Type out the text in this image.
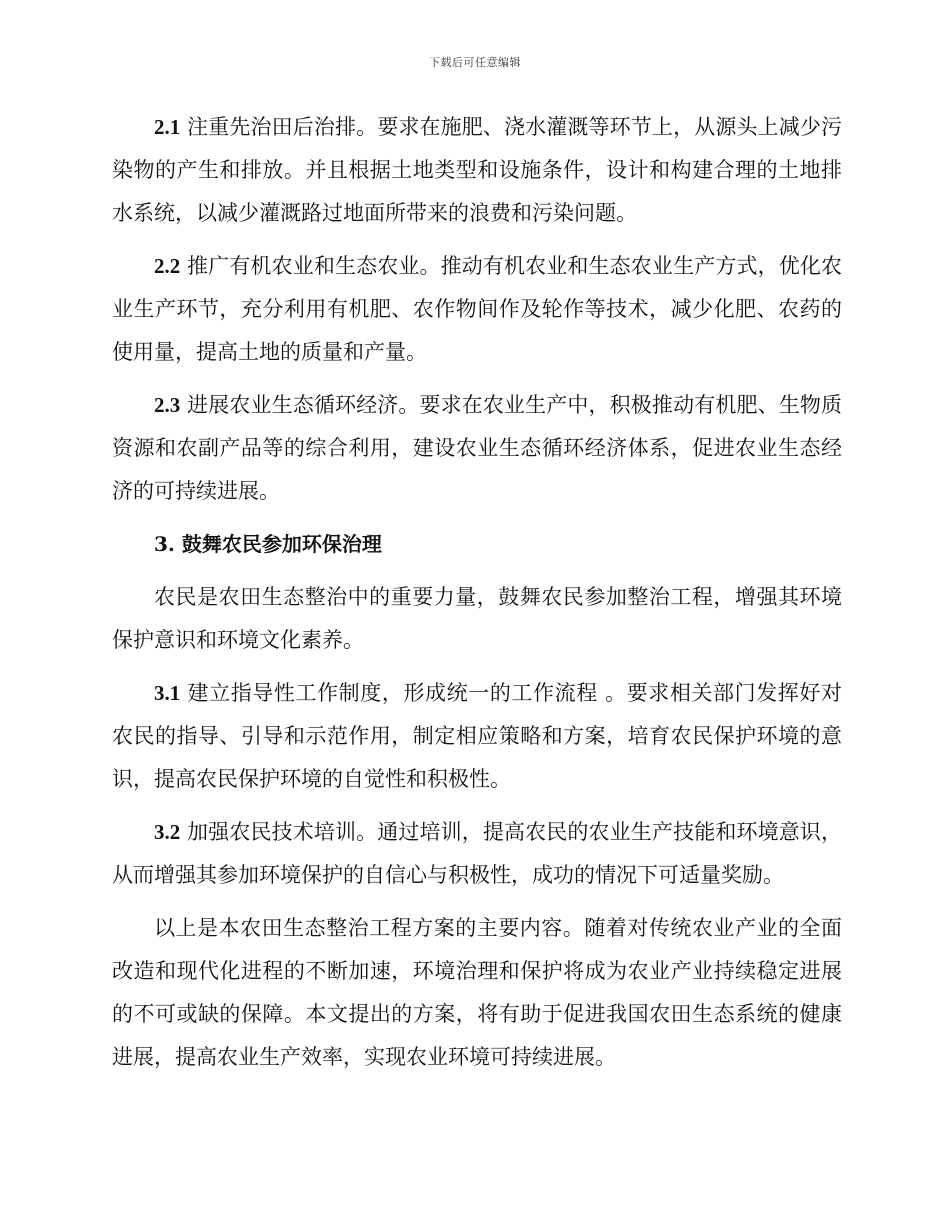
下载后可任意编辑

2.1 注重先治田后治排。要求在施肥、浇水灌溉等环节上，从源头上减少污染物的产生和排放。并且根据土地类型和设施条件，设计和构建合理的土地排水系统，以减少灌溉路过地面所带来的浪费和污染问题。

2.2 推广有机农业和生态农业。推动有机农业和生态农业生产方式，优化农业生产环节，充分利用有机肥、农作物间作及轮作等技术，减少化肥、农药的使用量，提高土地的质量和产量。

2.3 进展农业生态循环经济。要求在农业生产中，积极推动有机肥、生物质资源和农副产品等的综合利用，建设农业生态循环经济体系，促进农业生态经济的可持续进展。

3. 鼓舞农民参加环保治理

农民是农田生态整治中的重要力量，鼓舞农民参加整治工程，增强其环境保护意识和环境文化素养。

3.1 建立指导性工作制度，形成统一的工作流程 。要求相关部门发挥好对农民的指导、引导和示范作用，制定相应策略和方案，培育农民保护环境的意识，提高农民保护环境的自觉性和积极性。

3.2 加强农民技术培训。通过培训，提高农民的农业生产技能和环境意识，从而增强其参加环境保护的自信心与积极性，成功的情况下可适量奖励。

以上是本农田生态整治工程方案的主要内容。随着对传统农业产业的全面改造和现代化进程的不断加速，环境治理和保护将成为农业产业持续稳定进展的不可或缺的保障。本文提出的方案，将有助于促进我国农田生态系统的健康进展，提高农业生产效率，实现农业环境可持续进展。
